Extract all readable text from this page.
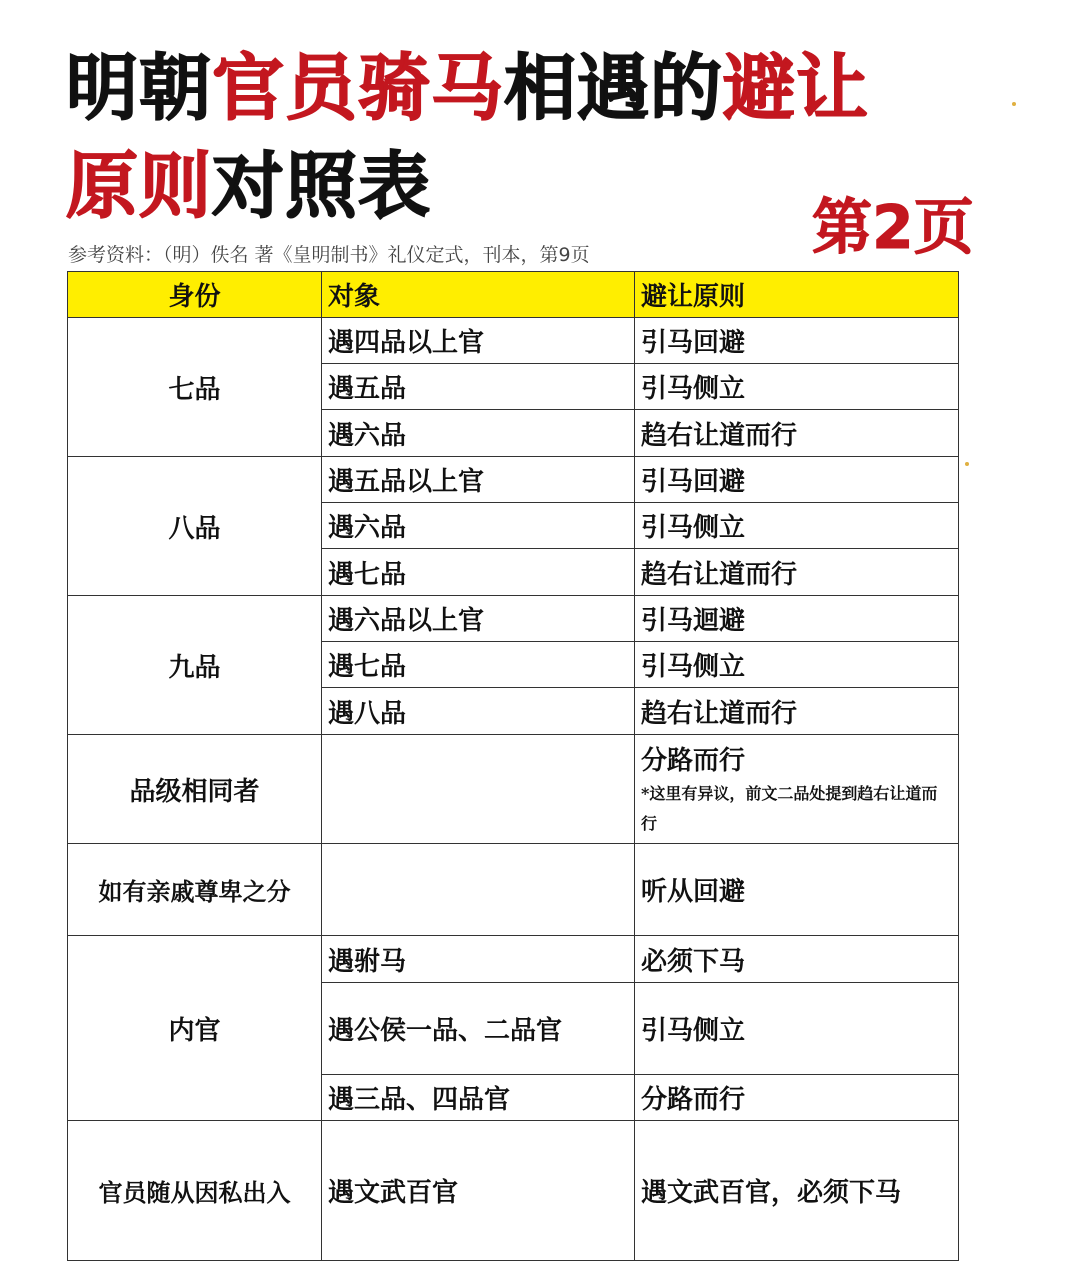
明朝官员骑马相遇的避让
原则对照表	第2页
参考资料：（明）佚名 著《皇明制书》礼仪定式，刊本，第9页
身份	对象	避让原则
七品	遇四品以上官	引马回避
	遇五品	引马侧立
	遇六品	趋右让道而行
八品	遇五品以上官	引马回避
	遇六品	引马侧立
	遇七品	趋右让道而行
九品	遇六品以上官	引马迴避
	遇七品	引马侧立
	遇八品	趋右让道而行
品级相同者		分路而行
*这里有异议，前文二品处提到趋右让道而行

如有亲戚尊卑之分		听从回避
内官	遇驸马	必须下马
	遇公侯一品、二品官	引马侧立
	遇三品、四品官	分路而行
官员随从因私出入	遇文武百官	遇文武百官，必须下马
